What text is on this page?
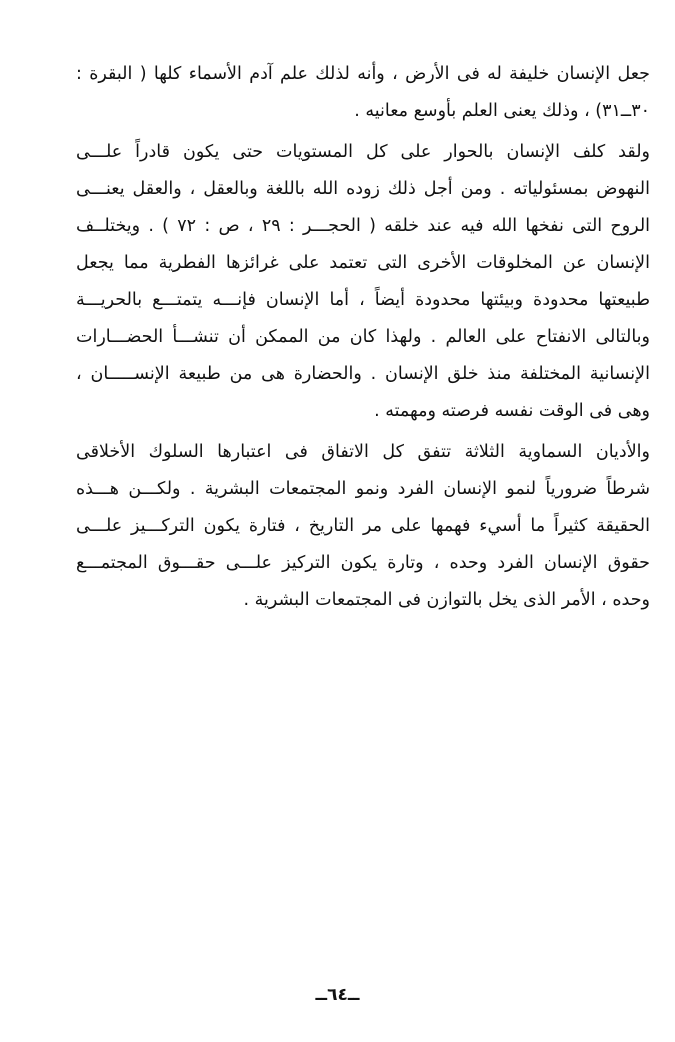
جعل الإنسان خليفة له فى الأرض ، وأنه لذلك علم آدم الأسماء كلها ( البقرة :
٣٠ــ٣١) ، وذلك يعنى العلم بأوسع معانيه .
ولقد كلف الإنسان بالحوار على كل المستويات حتى يكون قادراً علـــى
النهوض بمسئولياته . ومن أجل ذلك زوده الله باللغة وبالعقل ، والعقل يعنـــى
الروح التى نفخها الله فيه عند خلقه ( الحجـــر : ٢٩ ، ص : ٧٢ ) . ويختلــف
الإنسان عن المخلوقات الأخرى التى تعتمد على غرائزها الفطرية مما يجعل
طبيعتها محدودة وبيئتها محدودة أيضاً ، أما الإنسان فإنـــه يتمتـــع بالحريـــة
وبالتالى الانفتاح على العالم . ولهذا كان من الممكن أن تنشـــأ الحضـــارات
الإنسانية المختلفة منذ خلق الإنسان . والحضارة هى من طبيعة الإنســـــان ،
وهى فى الوقت نفسه فرصته ومهمته .
والأديان السماوية الثلاثة تتفق كل الاتفاق فى اعتبارها السلوك الأخلاقى
شرطاً ضرورياً لنمو الإنسان الفرد ونمو المجتمعات البشرية . ولكـــن هـــذه
الحقيقة كثيراً ما أسيء فهمها على مر التاريخ ، فتارة يكون التركـــيز علـــى
حقوق الإنسان الفرد وحده ، وتارة يكون التركيز علـــى حقـــوق المجتمـــع
وحده ، الأمر الذى يخل بالتوازن فى المجتمعات البشرية .
ــ٦٤ــ
